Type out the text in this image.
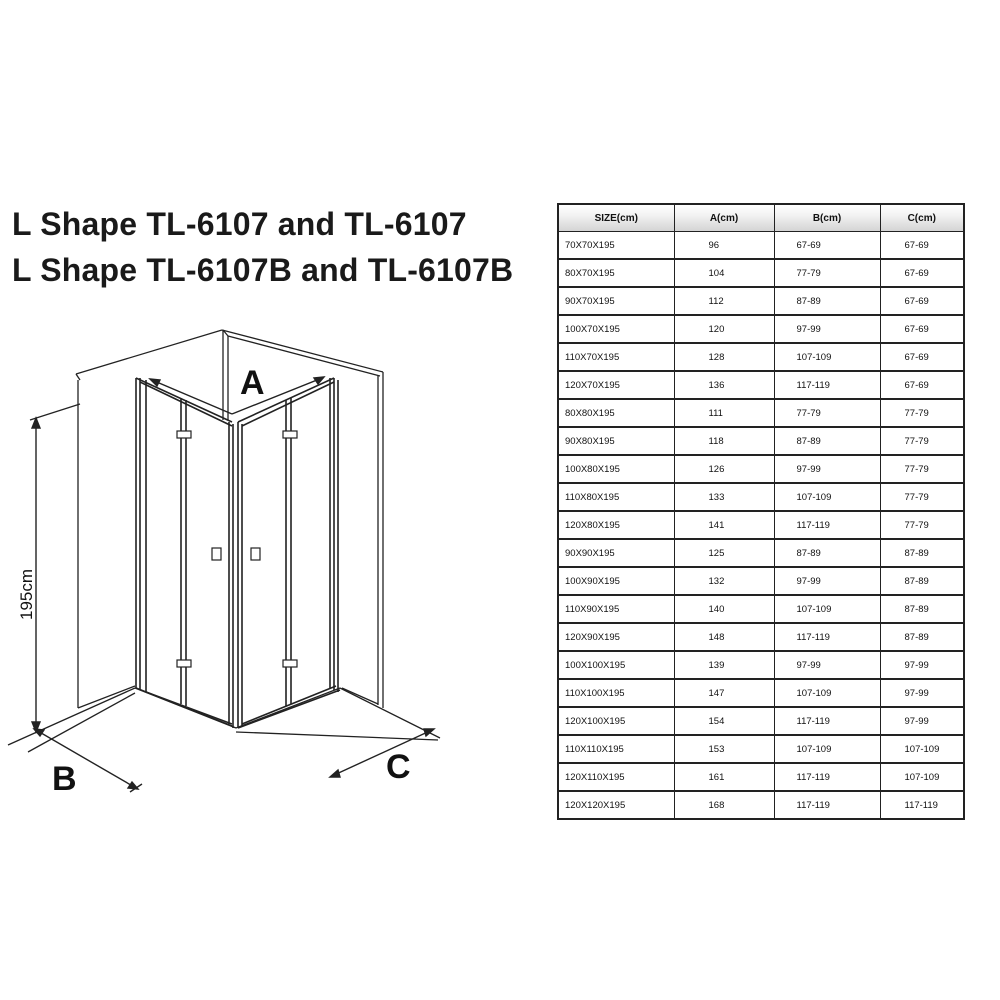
L Shape TL-6107 and TL-6107
L Shape TL-6107B and TL-6107B
A
195cm
B	C
SIZE(cm)	A(cm)	B(cm)	C(cm)
70X70X195	96	67-69	67-69
80X70X195	104	77-79	67-69
90X70X195	112	87-89	67-69
100X70X195	120	97-99	67-69
110X70X195	128	107-109	67-69
120X70X195	136	117-119	67-69
80X80X195	111	77-79	77-79
90X80X195	118	87-89	77-79
100X80X195	126	97-99	77-79
110X80X195	133	107-109	77-79
120X80X195	141	117-119	77-79
90X90X195	125	87-89	87-89
100X90X195	132	97-99	87-89
110X90X195	140	107-109	87-89
120X90X195	148	117-119	87-89
100X100X195	139	97-99	97-99
110X100X195	147	107-109	97-99
120X100X195	154	117-119	97-99
110X110X195	153	107-109	107-109
120X110X195	161	117-119	107-109
120X120X195	168	117-119	117-119
